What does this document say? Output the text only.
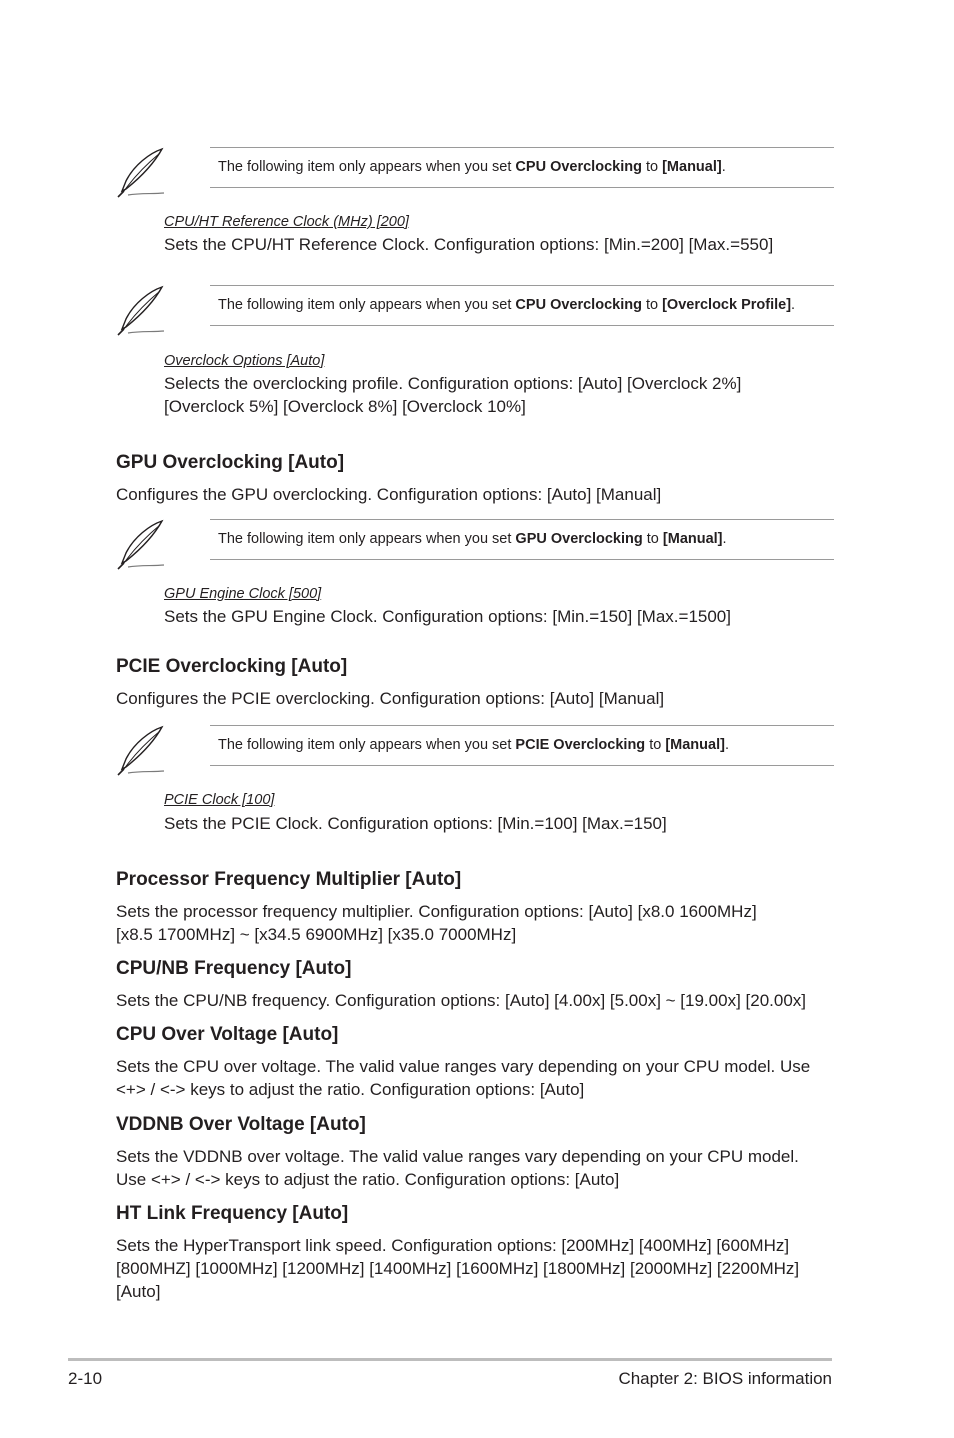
The following item only appears when you set CPU Overclocking to [Manual].
CPU/HT Reference Clock (MHz) [200]
Sets the CPU/HT Reference Clock. Configuration options: [Min.=200] [Max.=550]
The following item only appears when you set CPU Overclocking to [Overclock Profile].
Overclock Options [Auto]
Selects the overclocking profile. Configuration options: [Auto] [Overclock 2%]
[Overclock 5%] [Overclock 8%] [Overclock 10%]
GPU Overclocking [Auto]
Configures the GPU overclocking. Configuration options: [Auto] [Manual]
The following item only appears when you set GPU Overclocking to [Manual].
GPU Engine Clock [500]
Sets the GPU Engine Clock. Configuration options: [Min.=150] [Max.=1500]
PCIE Overclocking [Auto]
Configures the PCIE overclocking. Configuration options: [Auto] [Manual]
The following item only appears when you set PCIE Overclocking to [Manual].
PCIE Clock [100]
Sets the PCIE Clock. Configuration options: [Min.=100] [Max.=150]
Processor Frequency Multiplier [Auto]
Sets the processor frequency multiplier. Configuration options: [Auto] [x8.0 1600MHz]
[x8.5 1700MHz] ~ [x34.5 6900MHz] [x35.0 7000MHz]
CPU/NB Frequency [Auto]
Sets the CPU/NB frequency. Configuration options: [Auto] [4.00x] [5.00x] ~ [19.00x] [20.00x]
CPU Over Voltage [Auto]
Sets the CPU over voltage. The valid value ranges vary depending on your CPU model. Use
<+> / <-> keys to adjust the ratio. Configuration options: [Auto]
VDDNB Over Voltage [Auto]
Sets the VDDNB over voltage. The valid value ranges vary depending on your CPU model.
Use <+> / <-> keys to adjust the ratio. Configuration options: [Auto]
HT Link Frequency [Auto]
Sets the HyperTransport link speed. Configuration options: [200MHz] [400MHz] [600MHz]
[800MHZ] [1000MHz] [1200MHz] [1400MHz] [1600MHz] [1800MHz] [2000MHz] [2200MHz]
[Auto]
2-10	Chapter 2: BIOS information
